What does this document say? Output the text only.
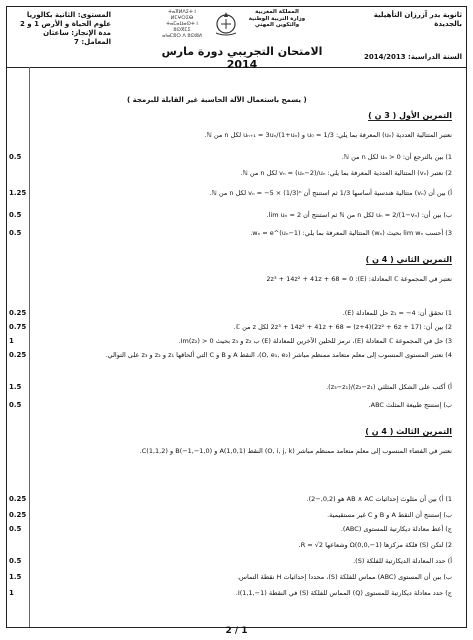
ثانوية بدر آزرزان التأهيلية
بالجديدة
المستوى: الثانية بكالوريا علوم الحياة و الأرض 1 و 2
مدة الإنجاز: ساعتان
المعامل: 7
ⵜⴰⴳⵍⴷⵉⵜ ⵏ ⵍⵎⵖⵔⵉⴱ
ⵜⴰⵎⴰⵡⴰⵙⵜ ⵏ ⵓⵙⴳⵎⵉ
ⴰⵏⴰⵎⵓⵔ ⴷ ⵓⵙⵓⵍ
المملكة المغربية
وزارة التربية الوطنية
والتكوين المهني
الامتحان التجريبي دورة مارس 2014
السنة الدراسية: 2014/2013
( يسمح باستعمال الآلة الحاسبة غير القابلة للبرمجة )
التمرين الأول ( 3 ن )
نعتبر المتتالية العددية (uₙ) المعرفة بما يلي: u₀ = 1/3 و uₙ₊₁ = 3uₙ/(1+uₙ) لكل n من ℕ.
1) بين بالترجع أن: 0 < uₙ لكل n من ℕ.
0.5
2) نعتبر (vₙ) المتتالية العددية المعرفة بما يلي: vₙ = (uₙ−2)/uₙ لكل n من ℕ.
أ) بين أن (vₙ) متتالية هندسية أساسها 1/3 ثم استنتج أن vₙ = −5 × (1/3)ⁿ لكل n من ℕ.
1.25
ب) بين أن: uₙ = 2/(1−vₙ) لكل n من ℕ ثم استنتج أن lim uₙ = 2.
0.5
3) أحسب lim wₙ بحيث (wₙ) المتتالية المعرفة بما يلي: wₙ = e^(uₙ−1).
0.5
التمرين الثاني ( 4 ن )
نعتبر في المجموعة ℂ المعادلة: (E): 2z³ + 14z² + 41z + 68 = 0
1) تحقق أن: z₁ = −4 حل للمعادلة (E).
0.25
2) بين أن: 2z³ + 14z² + 41z + 68 = (z+4)(2z² + 6z + 17) لكل z من ℂ.
0.75
3) حل في المجموعة ℂ المعادلة (E)، نرمز للحلين الآخرين للمعادلة (E) ب z₂ و z₃ بحيث Im(z₂) > 0.
1
4) نعتبر المستوى المنسوب إلى معلم متعامد ممنظم مباشر (O, e₁, e₂)، النقط A و B و C التي ألحاقها z₁ و z₂ و z₃ على التوالي.
0.25
أ) أكتب على الشكل المثلثي (z₂−z₁)/(z₃−z₁).
1.5
ب) إستنتج طبيعة المثلث ABC.
0.5
التمرين الثالث ( 4 ن )
نعتبر في الفضاء المنسوب إلى معلم متعامد ممنظم مباشر (O, i, j, k) النقط A(1,0,1) و B(−1,−1,0) و C(1,1,2).
1) أ) بين أن مثلوث إحداثيات AB ∧ AC هو (0,2,−2).
0.25
ب) إستنتج أن النقط A و B و C غير مستقيمية.
0.25
ج) أعط معادلة ديكارتية للمستوى (ABC).
0.5
2) لتكن (S) فلكة مركزها Ω(0,0,−1) وشعاعها R = √2.
أ) حدد المعادلة الديكارتية للفلكة (S).
0.5
ب) بين أن المستوى (ABC) مماس للفلكة (S)، محددا إحداثيات H نقطة التماس.
1.5
ج) حدد معادلة ديكارتية للمستوى (Q) المماس للفلكة (S) في النقطة I(1,1,−1).
1
2 / 1
